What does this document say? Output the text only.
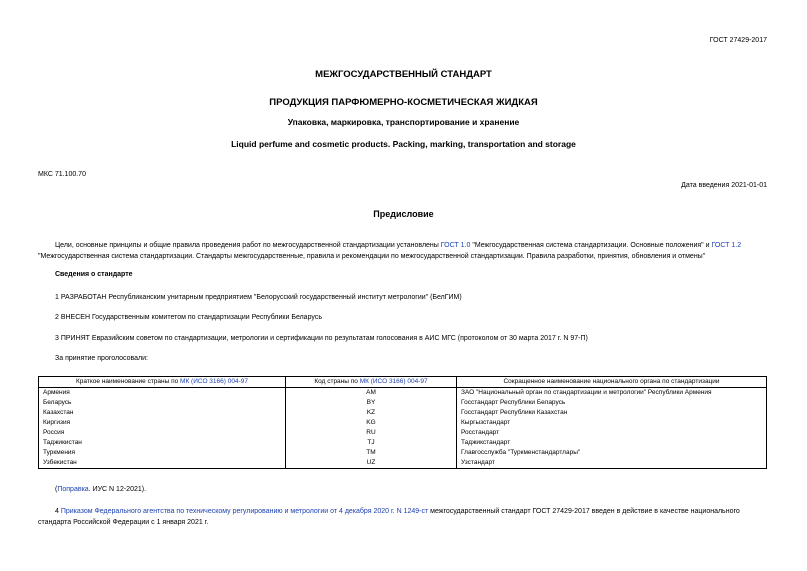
ГОСТ 27429-2017
МЕЖГОСУДАРСТВЕННЫЙ СТАНДАРТ
ПРОДУКЦИЯ ПАРФЮМЕРНО-КОСМЕТИЧЕСКАЯ ЖИДКАЯ
Упаковка, маркировка, транспортирование и хранение
Liquid perfume and cosmetic products. Packing, marking, transportation and storage
МКС 71.100.70
Дата введения 2021-01-01
Предисловие
Цели, основные принципы и общие правила проведения работ по межгосударственной стандартизации установлены ГОСТ 1.0 "Межгосударственная система стандартизации. Основные положения" и ГОСТ 1.2
"Межгосударственная система стандартизации. Стандарты межгосударственные, правила и рекомендации по межгосударственной стандартизации. Правила разработки, принятия, обновления и отмены"
Сведения о стандарте
1 РАЗРАБОТАН Республиканским унитарным предприятием "Белорусский государственный институт метрологии" (БелГИМ)
2 ВНЕСЕН Государственным комитетом по стандартизации Республики Беларусь
3 ПРИНЯТ Евразийским советом по стандартизации, метрологии и сертификации по результатам голосования в АИС МГС (протоколом от 30 марта 2017 г. N 97-П)
За принятие проголосовали:
Краткое наименование страны по МК (ИСО 3166) 004-97	Код страны по МК (ИСО 3166) 004-97	Сокращенное наименование национального органа по стандартизации
Армения	AM	ЗАО "Национальный орган по стандартизации и метрологии" Республики Армения
Беларусь	BY	Госстандарт Республики Беларусь
Казахстан	KZ	Госстандарт Республики Казахстан
Киргизия	KG	Кыргызстандарт
Россия	RU	Росстандарт
Таджикистан	TJ	Таджикстандарт
Туркмения	TM	Главгосслужба "Туркменстандартлары"
Узбекистан	UZ	Узстандарт
(Поправка. ИУС N 12-2021).
4 Приказом Федерального агентства по техническому регулированию и метрологии от 4 декабря 2020 г. N 1249-ст межгосударственный стандарт ГОСТ 27429-2017 введен в действие в качестве национального
стандарта Российской Федерации с 1 января 2021 г.
